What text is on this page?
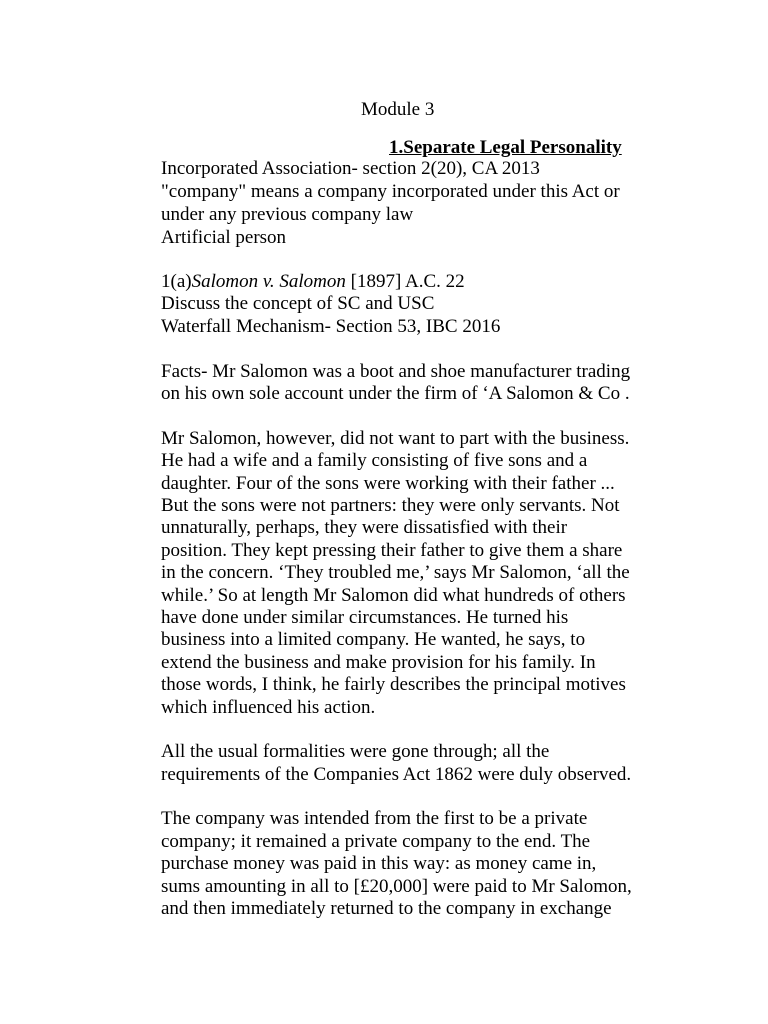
Module 3
1.Separate Legal Personality
Incorporated Association- section 2(20), CA 2013
"company" means a company incorporated under this Act or
under any previous company law
Artificial person
1(a)Salomon v. Salomon [1897] A.C. 22
Discuss the concept of SC and USC
Waterfall Mechanism- Section 53, IBC 2016
Facts- Mr Salomon was a boot and shoe manufacturer trading
on his own sole account under the firm of ‘A Salomon & Co .
Mr Salomon, however, did not want to part with the business.
He had a wife and a family consisting of five sons and a
daughter. Four of the sons were working with their father ...
But the sons were not partners: they were only servants. Not
unnaturally, perhaps, they were dissatisfied with their
position. They kept pressing their father to give them a share
in the concern. ‘They troubled me,’ says Mr Salomon, ‘all the
while.’ So at length Mr Salomon did what hundreds of others
have done under similar circumstances. He turned his
business into a limited company. He wanted, he says, to
extend the business and make provision for his family. In
those words, I think, he fairly describes the principal motives
which influenced his action.
All the usual formalities were gone through; all the
requirements of the Companies Act 1862 were duly observed.
The company was intended from the first to be a private
company; it remained a private company to the end. The
purchase money was paid in this way: as money came in,
sums amounting in all to [£20,000] were paid to Mr Salomon,
and then immediately returned to the company in exchange
